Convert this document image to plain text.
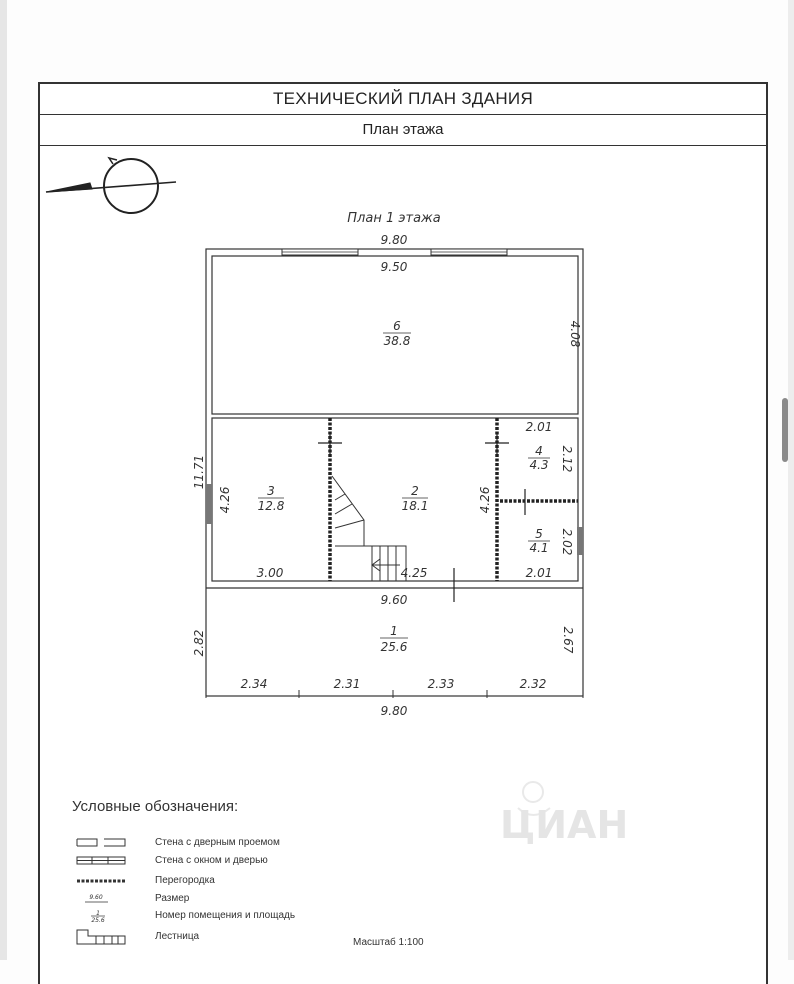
ТЕХНИЧЕСКИЙ ПЛАН ЗДАНИЯ
План этажа
ЦИАН
План 1 этажа
6
38.8
3
12.8
2
18.1
4
4.3
5
4.1
1
25.6
9.80
9.50
4.08
11.71
4.26	4.26
2.01
2.12
2.02
3.00	4.25	2.01
9.60
2.82	2.67
2.34	2.31	2.33	2.32
9.80
9.60
1
25.6
Условные обозначения:
Стена с дверным проемом
Стена с окном и дверью
Перегородка
Размер
Номер помещения и площадь
Лестница
Масштаб 1:100
